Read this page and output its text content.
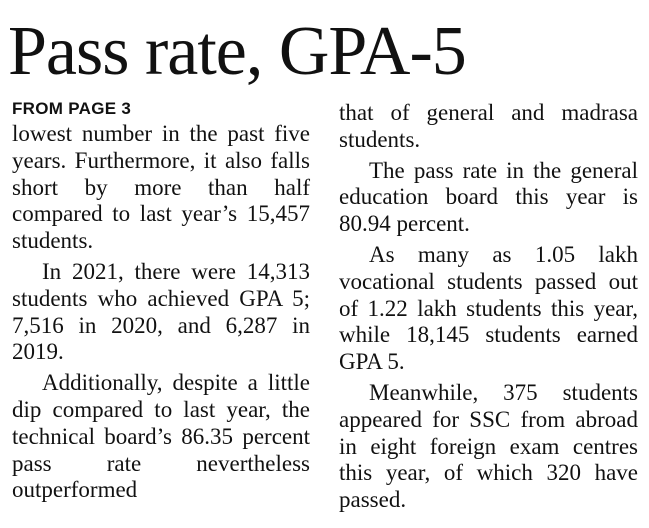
Pass rate, GPA-5
FROM PAGE 3

lowest number in the past five years. Furthermore, it also falls short by more than half compared to last year’s 15,457 students.

In 2021, there were 14,313 students who achieved GPA 5; 7,516 in 2020, and 6,287 in 2019.

Additionally, despite a little dip compared to last year, the technical board’s 86.35 percent pass rate nevertheless outperformed

that of general and madrasa students.

The pass rate in the general education board this year is 80.94 percent.

As many as 1.05 lakh vocational students passed out of 1.22 lakh students this year, while 18,145 students earned GPA 5.

Meanwhile, 375 students appeared for SSC from abroad in eight foreign exam centres this year, of which 320 have passed.
